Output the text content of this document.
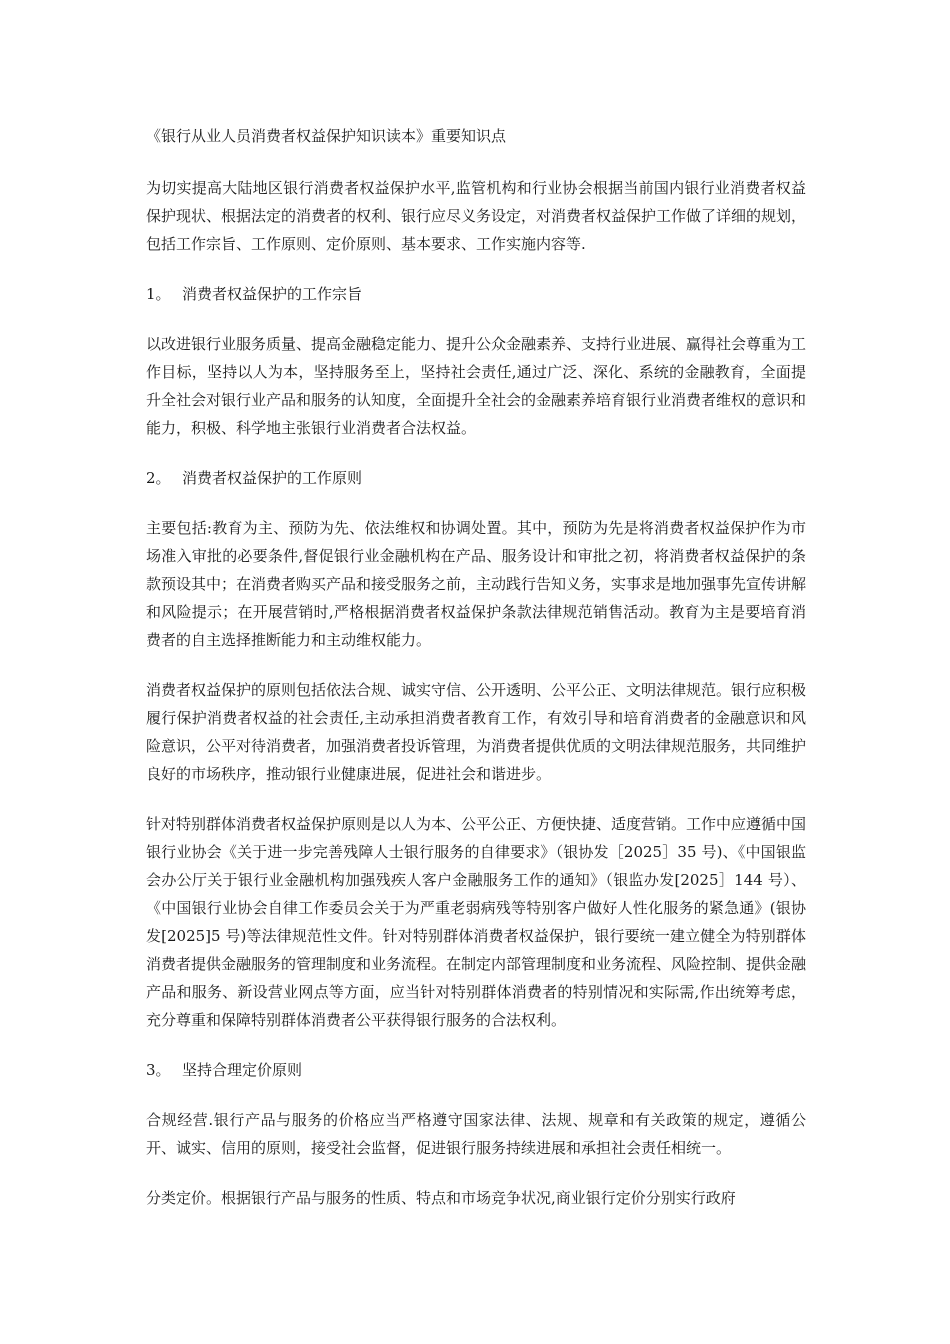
《银行从业人员消费者权益保护知识读本》重要知识点
为切实提高大陆地区银行消费者权益保护水平,监管机构和行业协会根据当前国内银行业消费者权益保护现状、根据法定的消费者的权利、银行应尽义务设定，对消费者权益保护工作做了详细的规划，包括工作宗旨、工作原则、定价原则、基本要求、工作实施内容等.
1。 消费者权益保护的工作宗旨
以改进银行业服务质量、提高金融稳定能力、提升公众金融素养、支持行业进展、赢得社会尊重为工作目标，坚持以人为本，坚持服务至上，坚持社会责任,通过广泛、深化、系统的金融教育，全面提升全社会对银行业产品和服务的认知度，全面提升全社会的金融素养培育银行业消费者维权的意识和能力，积极、科学地主张银行业消费者合法权益。
2。 消费者权益保护的工作原则
主要包括:教育为主、预防为先、依法维权和协调处置。其中，预防为先是将消费者权益保护作为市场准入审批的必要条件,督促银行业金融机构在产品、服务设计和审批之初，将消费者权益保护的条款预设其中；在消费者购买产品和接受服务之前，主动践行告知义务，实事求是地加强事先宣传讲解和风险提示；在开展营销时,严格根据消费者权益保护条款法律规范销售活动。教育为主是要培育消费者的自主选择推断能力和主动维权能力。
消费者权益保护的原则包括依法合规、诚实守信、公开透明、公平公正、文明法律规范。银行应积极履行保护消费者权益的社会责任,主动承担消费者教育工作，有效引导和培育消费者的金融意识和风险意识，公平对待消费者，加强消费者投诉管理，为消费者提供优质的文明法律规范服务，共同维护良好的市场秩序，推动银行业健康进展，促进社会和谐进步。
针对特别群体消费者权益保护原则是以人为本、公平公正、方便快捷、适度营销。工作中应遵循中国银行业协会《关于进一步完善残障人士银行服务的自律要求》（银协发［2025］35 号)、《中国银监会办公厅关于银行业金融机构加强残疾人客户金融服务工作的通知》（银监办发[2025］144 号）、《中国银行业协会自律工作委员会关于为严重老弱病残等特别客户做好人性化服务的紧急通》(银协发[2025]5 号)等法律规范性文件。针对特别群体消费者权益保护，银行要统一建立健全为特别群体消费者提供金融服务的管理制度和业务流程。在制定内部管理制度和业务流程、风险控制、提供金融产品和服务、新设营业网点等方面，应当针对特别群体消费者的特别情况和实际需,作出统筹考虑，充分尊重和保障特别群体消费者公平获得银行服务的合法权利。
3。 坚持合理定价原则
合规经营.银行产品与服务的价格应当严格遵守国家法律、法规、规章和有关政策的规定，遵循公开、诚实、信用的原则，接受社会监督，促进银行服务持续进展和承担社会责任相统一。
分类定价。根据银行产品与服务的性质、特点和市场竞争状况,商业银行定价分别实行政府
